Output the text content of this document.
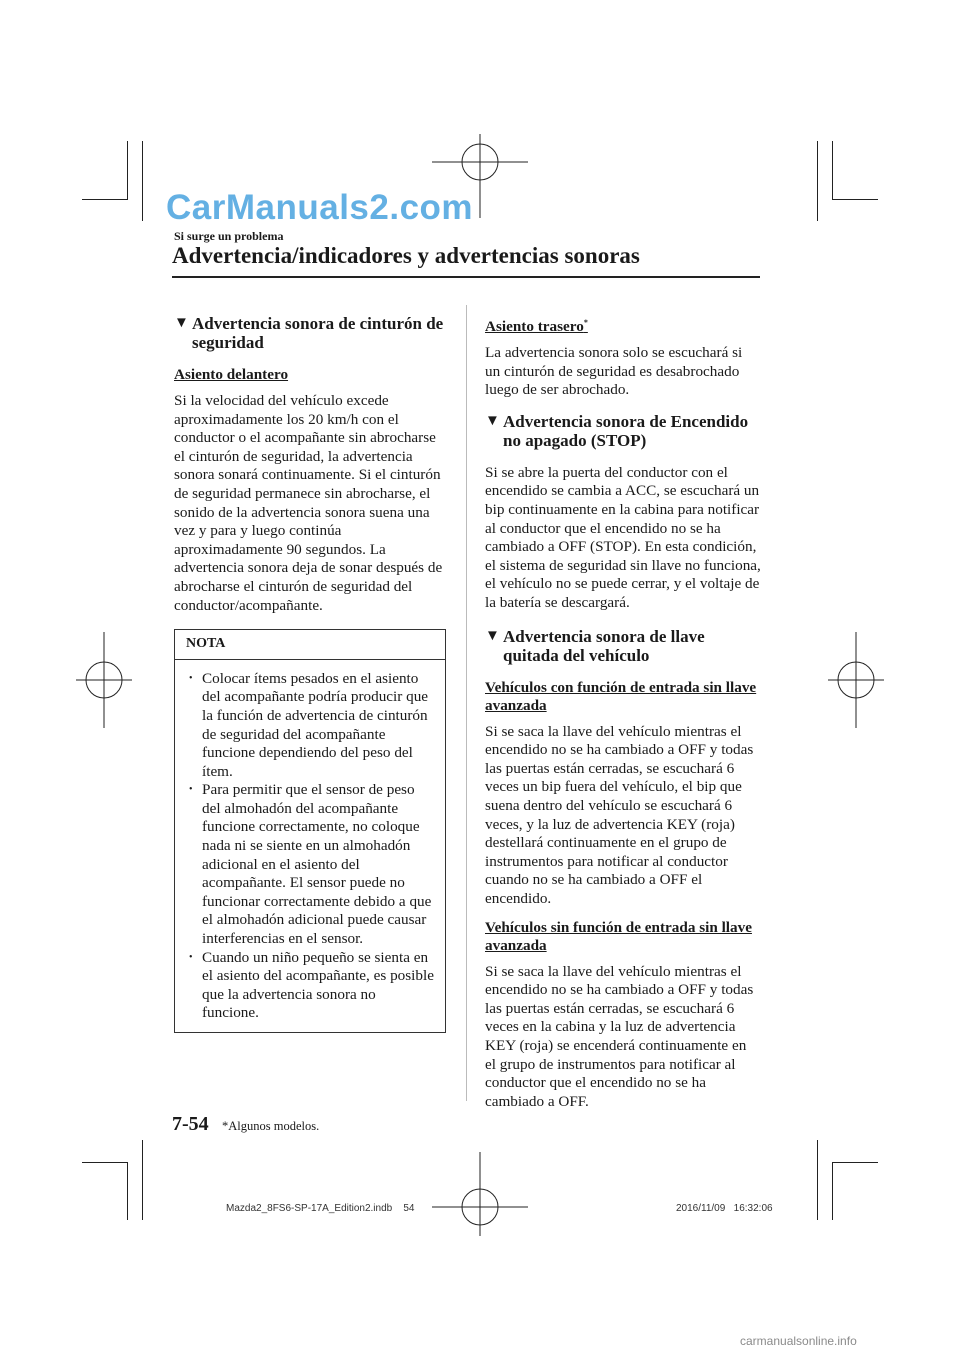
CarManuals2.com
Si surge un problema
Advertencia/indicadores y advertencias sonoras
▼ Advertencia sonora de cinturón de seguridad
Asiento delantero

Si la velocidad del vehículo excede aproximadamente los 20 km/h con el conductor o el acompañante sin abrocharse el cinturón de seguridad, la advertencia sonora sonará continuamente. Si el cinturón de seguridad permanece sin abrocharse, el sonido de la advertencia sonora suena una vez y para y luego continúa aproximadamente 90 segundos. La advertencia sonora deja de sonar después de abrocharse el cinturón de seguridad del conductor/acompañante.

NOTA
• Colocar ítems pesados en el asiento del acompañante podría producir que la función de advertencia de cinturón de seguridad del acompañante funcione dependiendo del peso del ítem.
• Para permitir que el sensor de peso del almohadón del acompañante funcione correctamente, no coloque nada ni se siente en un almohadón adicional en el asiento del acompañante. El sensor puede no funcionar correctamente debido a que el almohadón adicional puede causar interferencias en el sensor.
• Cuando un niño pequeño se sienta en el asiento del acompañante, es posible que la advertencia sonora no funcione.
Asiento trasero*

La advertencia sonora solo se escuchará si un cinturón de seguridad es desabrochado luego de ser abrochado.

▼ Advertencia sonora de Encendido no apagado (STOP)

Si se abre la puerta del conductor con el encendido se cambia a ACC, se escuchará un bip continuamente en la cabina para notificar al conductor que el encendido no se ha cambiado a OFF (STOP). En esta condición, el sistema de seguridad sin llave no funciona, el vehículo no se puede cerrar, y el voltaje de la batería se descargará.

▼ Advertencia sonora de llave quitada del vehículo
Vehículos con función de entrada sin llave avanzada

Si se saca la llave del vehículo mientras el encendido no se ha cambiado a OFF y todas las puertas están cerradas, se escuchará 6 veces un bip fuera del vehículo, el bip que suena dentro del vehículo se escuchará 6 veces, y la luz de advertencia KEY (roja) destellará continuamente en el grupo de instrumentos para notificar al conductor cuando no se ha cambiado a OFF el encendido.

Vehículos sin función de entrada sin llave avanzada

Si se saca la llave del vehículo mientras el encendido no se ha cambiado a OFF y todas las puertas están cerradas, se escuchará 6 veces en la cabina y la luz de advertencia KEY (roja) se encenderá continuamente en el grupo de instrumentos para notificar al conductor que el encendido no se ha cambiado a OFF.

7-54 *Algunos modelos.
Mazda2_8FS6-SP-17A_Edition2.indb    54	2016/11/09   16:32:06
carmanualsonline.info
